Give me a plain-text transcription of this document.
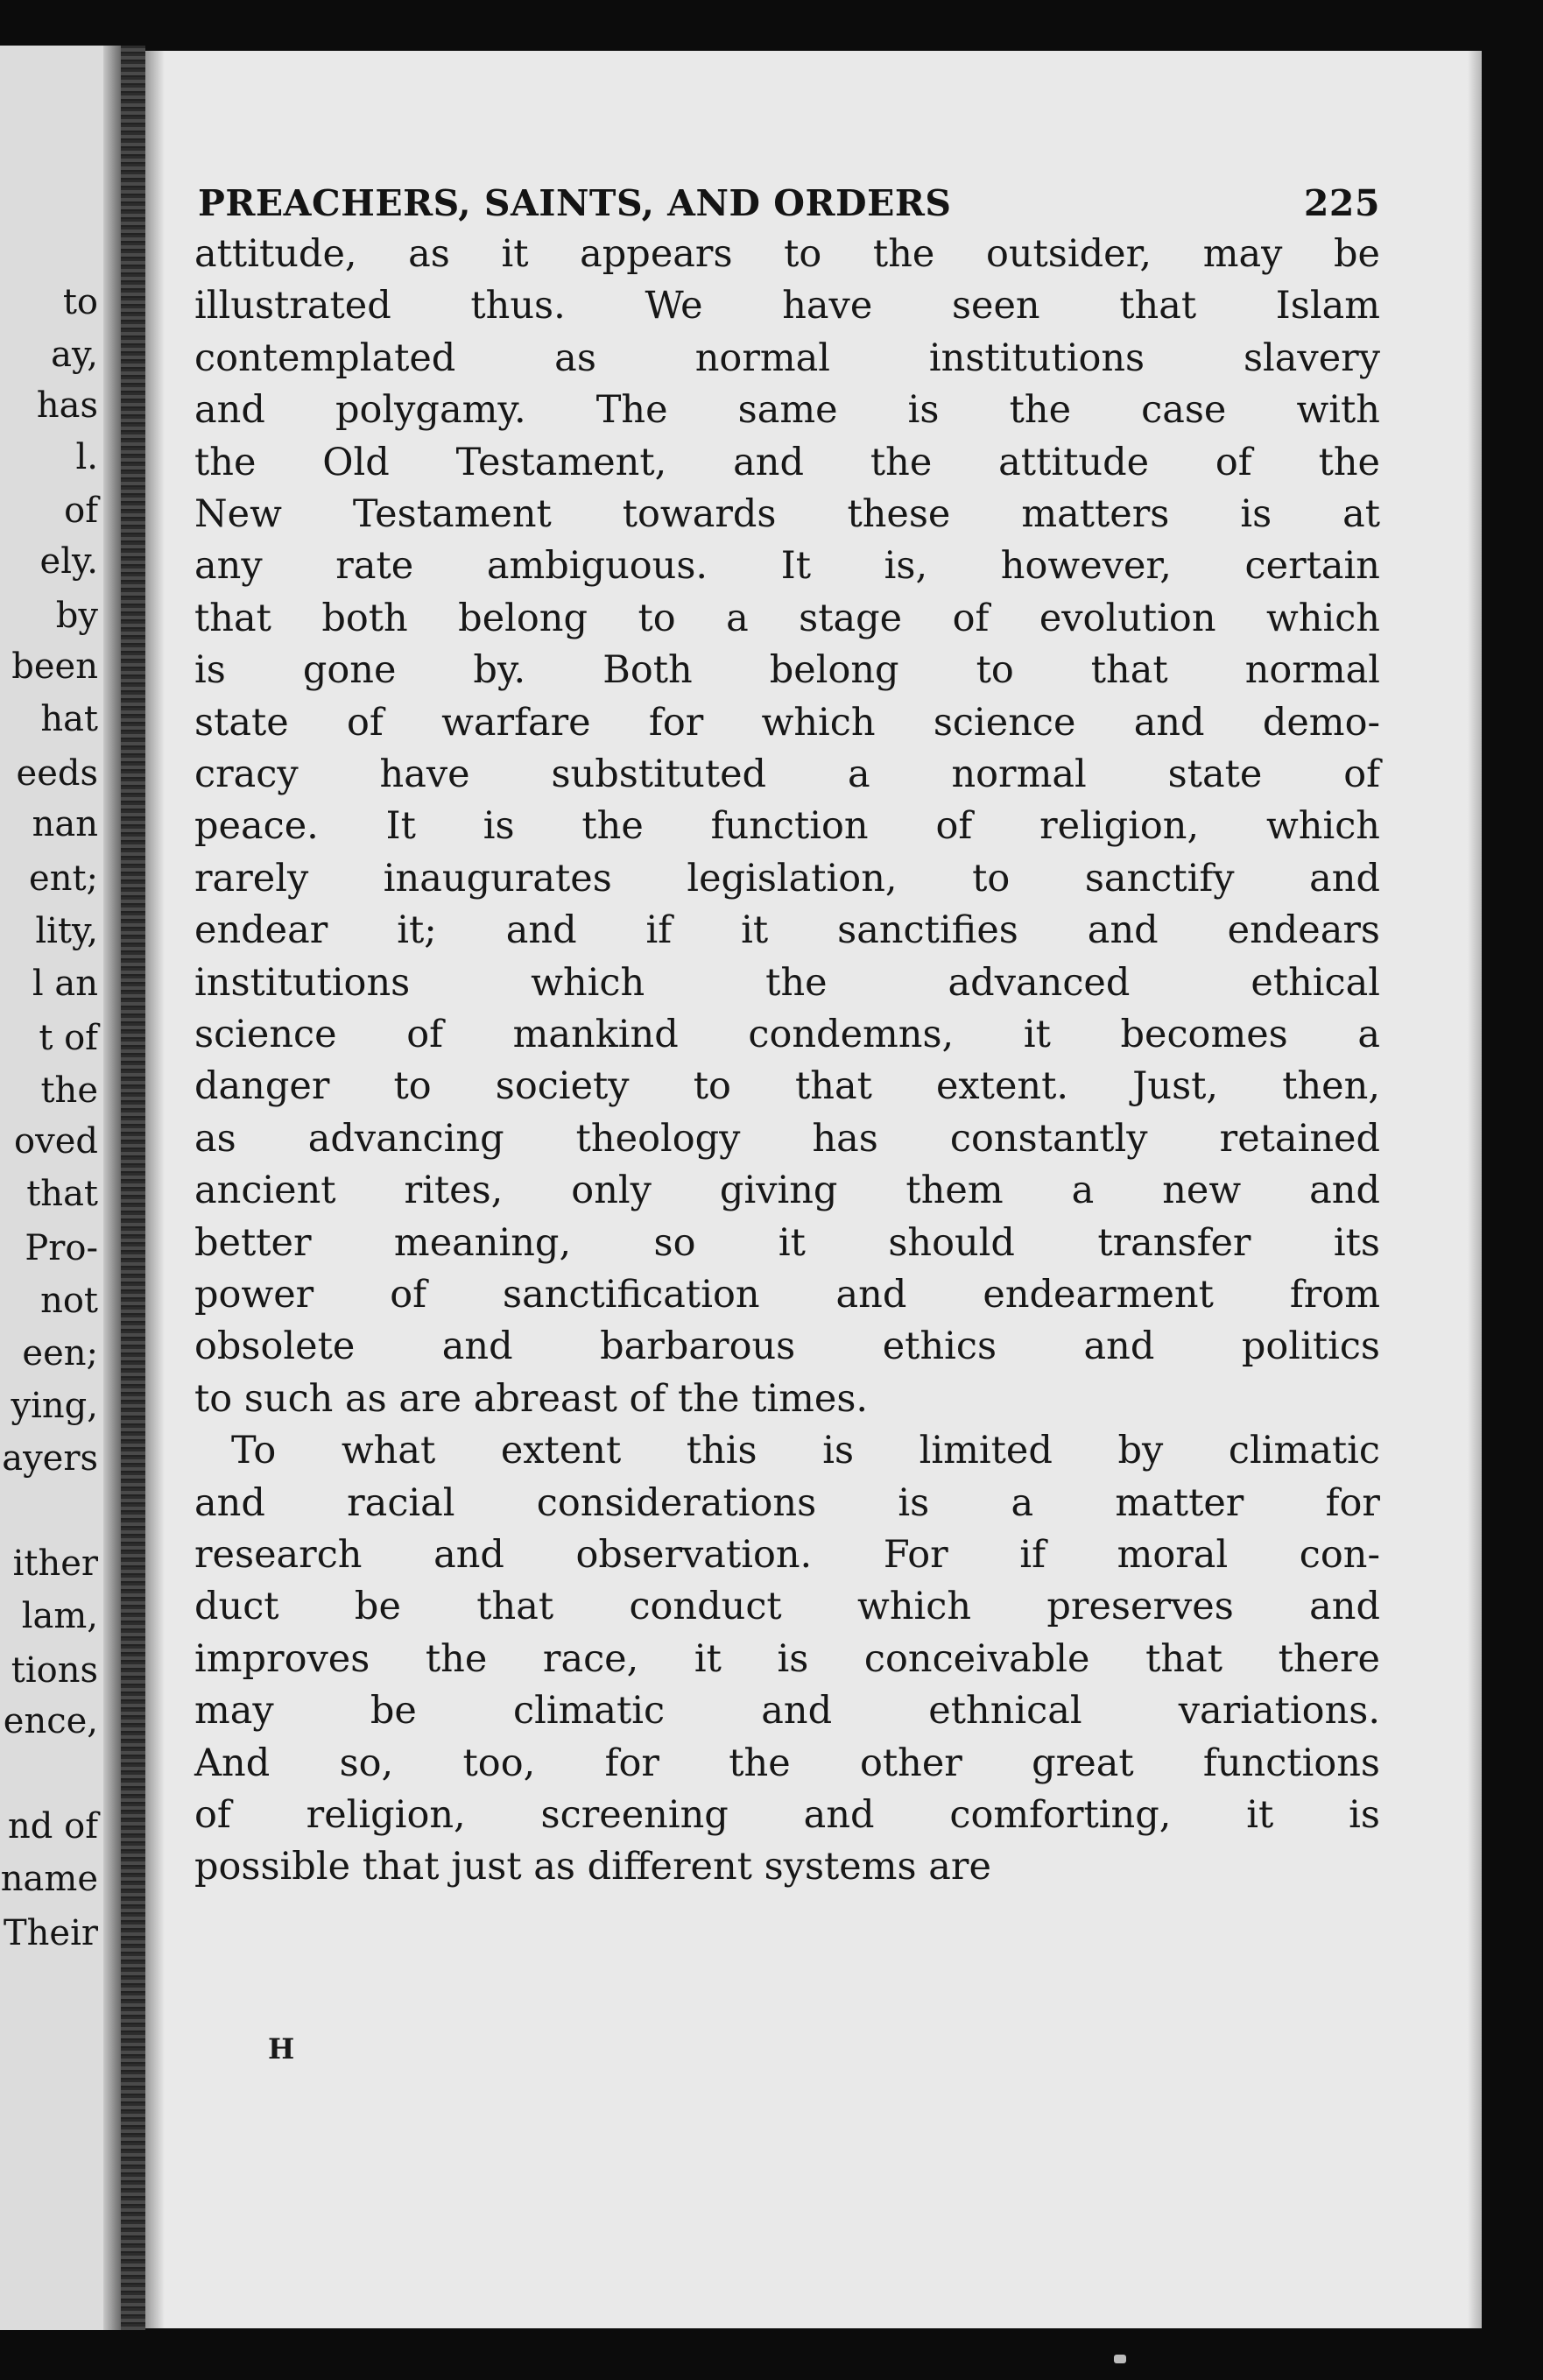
to
ay,
has
l.
of
ely.
by
been
hat
eeds
nan
ent;
lity,
l an
t of
the
oved
that
Pro-
not
een;
ying,
ayers
ither
lam,
tions
ence,
nd of
name
Their
PREACHERS, SAINTS, AND ORDERS	225
attitude, as it appears to the outsider, may be
illustrated thus. We have seen that Islam
contemplated as normal institutions slavery
and polygamy. The same is the case with
the Old Testament, and the attitude of the
New Testament towards these matters is at
any rate ambiguous. It is, however, certain
that both belong to a stage of evolution which
is gone by. Both belong to that normal
state of warfare for which science and demo-
cracy have substituted a normal state of
peace. It is the function of religion, which
rarely inaugurates legislation, to sanctify and
endear it; and if it sanctifies and endears
institutions which the advanced ethical
science of mankind condemns, it becomes a
danger to society to that extent. Just, then,
as advancing theology has constantly retained
ancient rites, only giving them a new and
better meaning, so it should transfer its
power of sanctification and endearment from
obsolete and barbarous ethics and politics
to such as are abreast of the times.
To what extent this is limited by climatic
and racial considerations is a matter for
research and observation. For if moral con-
duct be that conduct which preserves and
improves the race, it is conceivable that there
may be climatic and ethnical variations.
And so, too, for the other great functions
of religion, screening and comforting, it is
possible that just as different systems are
H
